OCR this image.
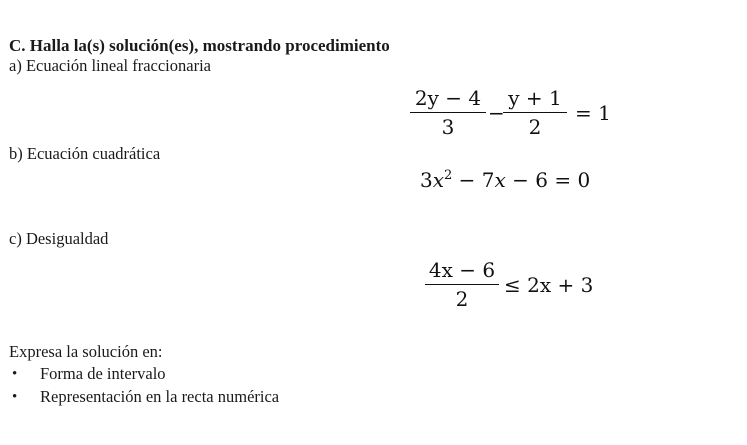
C. Halla la(s) solución(es), mostrando procedimiento
a) Ecuación lineal fraccionaria
2y − 4
3
−
y + 1
2
= 1
b) Ecuación cuadrática
$3x^2 - 7x - 6 = 0$
c) Desigualdad
4x − 6
2
≤ 2x + 3
Expresa la solución en:
• Forma de intervalo
• Representación en la recta numérica
